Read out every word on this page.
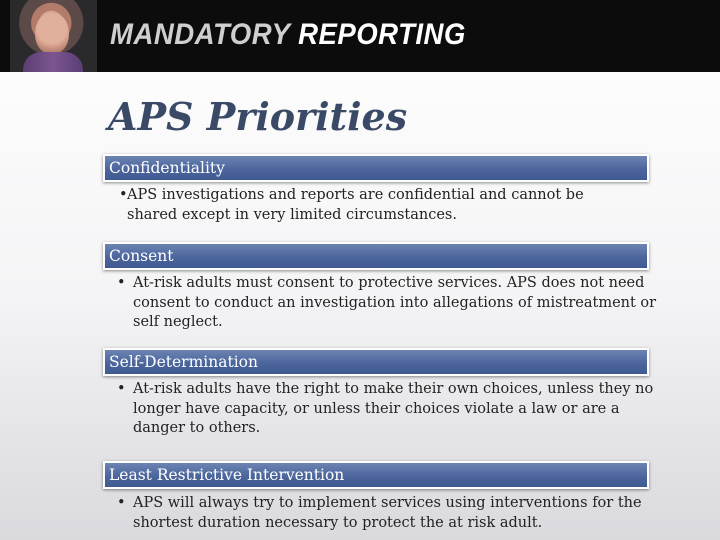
MANDATORY REPORTING
APS Priorities
Confidentiality
•APS investigations and reports are confidential and cannot be
shared except in very limited circumstances.
Consent
• At-risk adults must consent to protective services. APS does not need consent to conduct an investigation into allegations of mistreatment or self neglect.
Self-Determination
• At-risk adults have the right to make their own choices, unless they no longer have capacity, or unless their choices violate a law or are a danger to others.
Least Restrictive Intervention
• APS will always try to implement services using interventions for the shortest duration necessary to protect the at risk adult.
